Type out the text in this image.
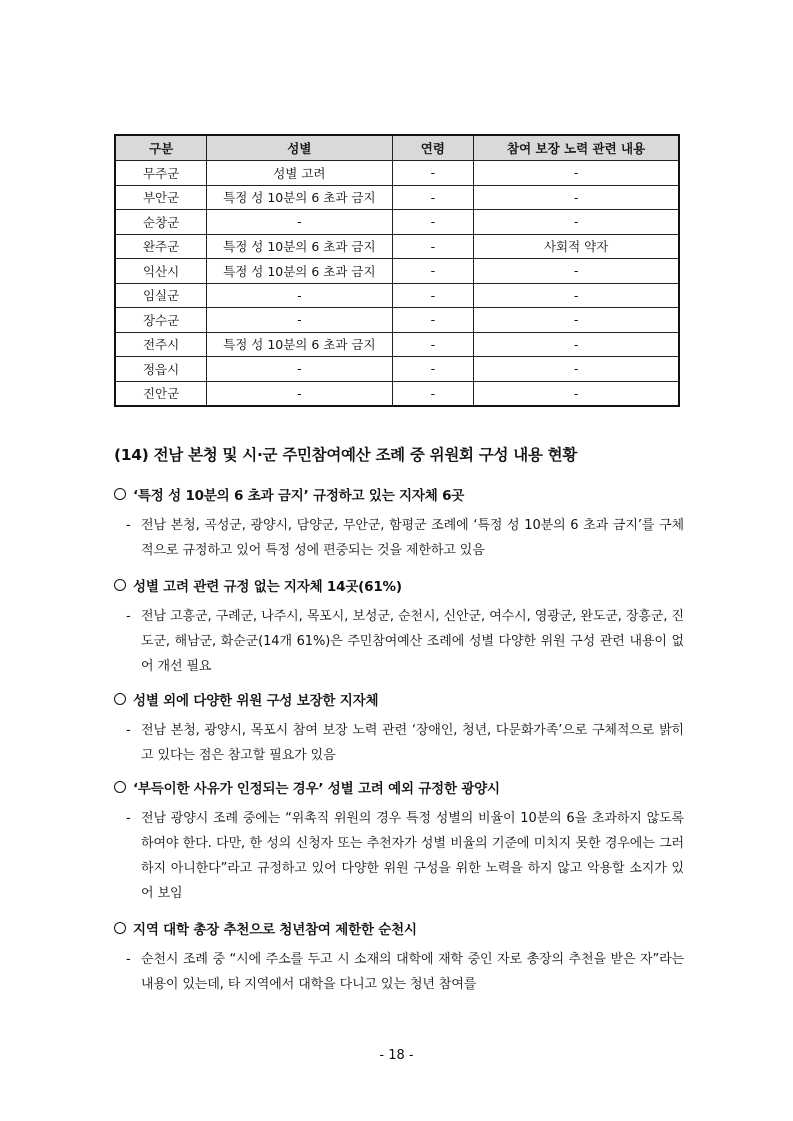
구분	성별	연령	참여 보장 노력 관련 내용
무주군	성별 고려	-	-
부안군	특정 성 10분의 6 초과 금지	-	-
순창군	-	-	-
완주군	특정 성 10분의 6 초과 금지	-	사회적 약자
익산시	특정 성 10분의 6 초과 금지	-	-
임실군	-	-	-
장수군	-	-	-
전주시	특정 성 10분의 6 초과 금지	-	-
정읍시	-	-	-
진안군	-	-	-
(14) 전남 본청 및 시·군 주민참여예산 조례 중 위원회 구성 내용 현황
‘특정 성 10분의 6 초과 금지’ 규정하고 있는 지자체 6곳
- 전남 본청, 곡성군, 광양시, 담양군, 무안군, 함평군 조례에 ‘특정 성 10분의 6 초과 금지’를 구체적으로 규정하고 있어 특정 성에 편중되는 것을 제한하고 있음
성별 고려 관련 규정 없는 지자체 14곳(61%)
- 전남 고흥군, 구례군, 나주시, 목포시, 보성군, 순천시, 신안군, 여수시, 영광군, 완도군, 장흥군, 진도군, 해남군, 화순군(14개 61%)은 주민참여예산 조례에 성별 다양한 위원 구성 관련 내용이 없어 개선 필요
성별 외에 다양한 위원 구성 보장한 지자체
- 전남 본청, 광양시, 목포시 참여 보장 노력 관련 ‘장애인, 청년, 다문화가족’으로 구체적으로 밝히고 있다는 점은 참고할 필요가 있음
‘부득이한 사유가 인정되는 경우’ 성별 고려 예외 규정한 광양시
- 전남 광양시 조례 중에는 “위촉직 위원의 경우 특정 성별의 비율이 10분의 6을 초과하지 않도록 하여야 한다. 다만, 한 성의 신청자 또는 추천자가 성별 비율의 기준에 미치지 못한 경우에는 그러하지 아니한다”라고 규정하고 있어 다양한 위원 구성을 위한 노력을 하지 않고 악용할 소지가 있어 보임
지역 대학 총장 추천으로 청년참여 제한한 순천시
- 순천시 조례 중 “시에 주소를 두고 시 소재의 대학에 재학 중인 자로 총장의 추천을 받은 자”라는 내용이 있는데, 타 지역에서 대학을 다니고 있는 청년 참여를
- 18 -
